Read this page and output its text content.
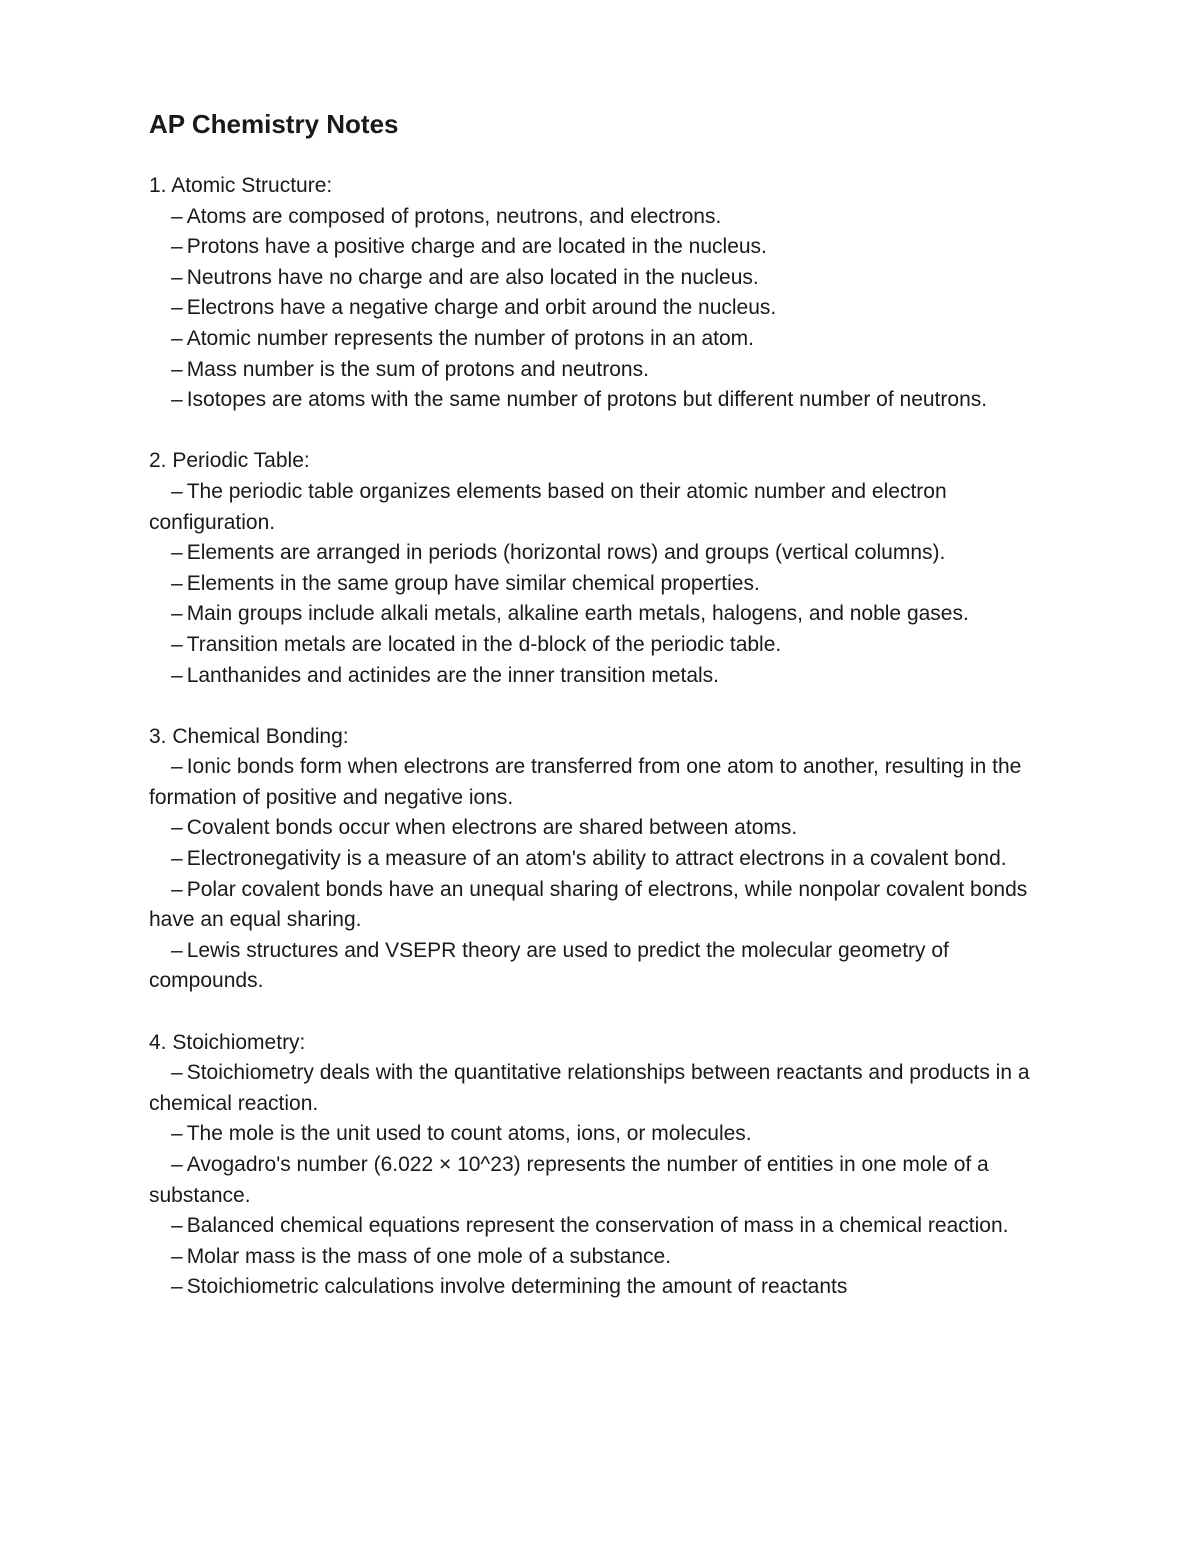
AP Chemistry Notes

1. Atomic Structure:

– Atoms are composed of protons, neutrons, and electrons.
– Protons have a positive charge and are located in the nucleus.
– Neutrons have no charge and are also located in the nucleus.
– Electrons have a negative charge and orbit around the nucleus.
– Atomic number represents the number of protons in an atom.
– Mass number is the sum of protons and neutrons.
– Isotopes are atoms with the same number of protons but different number of neutrons.

2. Periodic Table:

– The periodic table organizes elements based on their atomic number and electron configuration.
– Elements are arranged in periods (horizontal rows) and groups (vertical columns).
– Elements in the same group have similar chemical properties.
– Main groups include alkali metals, alkaline earth metals, halogens, and noble gases.
– Transition metals are located in the d-block of the periodic table.
– Lanthanides and actinides are the inner transition metals.

3. Chemical Bonding:

– Ionic bonds form when electrons are transferred from one atom to another, resulting in the formation of positive and negative ions.
– Covalent bonds occur when electrons are shared between atoms.
– Electronegativity is a measure of an atom's ability to attract electrons in a covalent bond.
– Polar covalent bonds have an unequal sharing of electrons, while nonpolar covalent bonds have an equal sharing.
– Lewis structures and VSEPR theory are used to predict the molecular geometry of compounds.

4. Stoichiometry:

– Stoichiometry deals with the quantitative relationships between reactants and products in a chemical reaction.
– The mole is the unit used to count atoms, ions, or molecules.
– Avogadro's number (6.022 × 10^23) represents the number of entities in one mole of a substance.
– Balanced chemical equations represent the conservation of mass in a chemical reaction.
– Molar mass is the mass of one mole of a substance.
– Stoichiometric calculations involve determining the amount of reactants
